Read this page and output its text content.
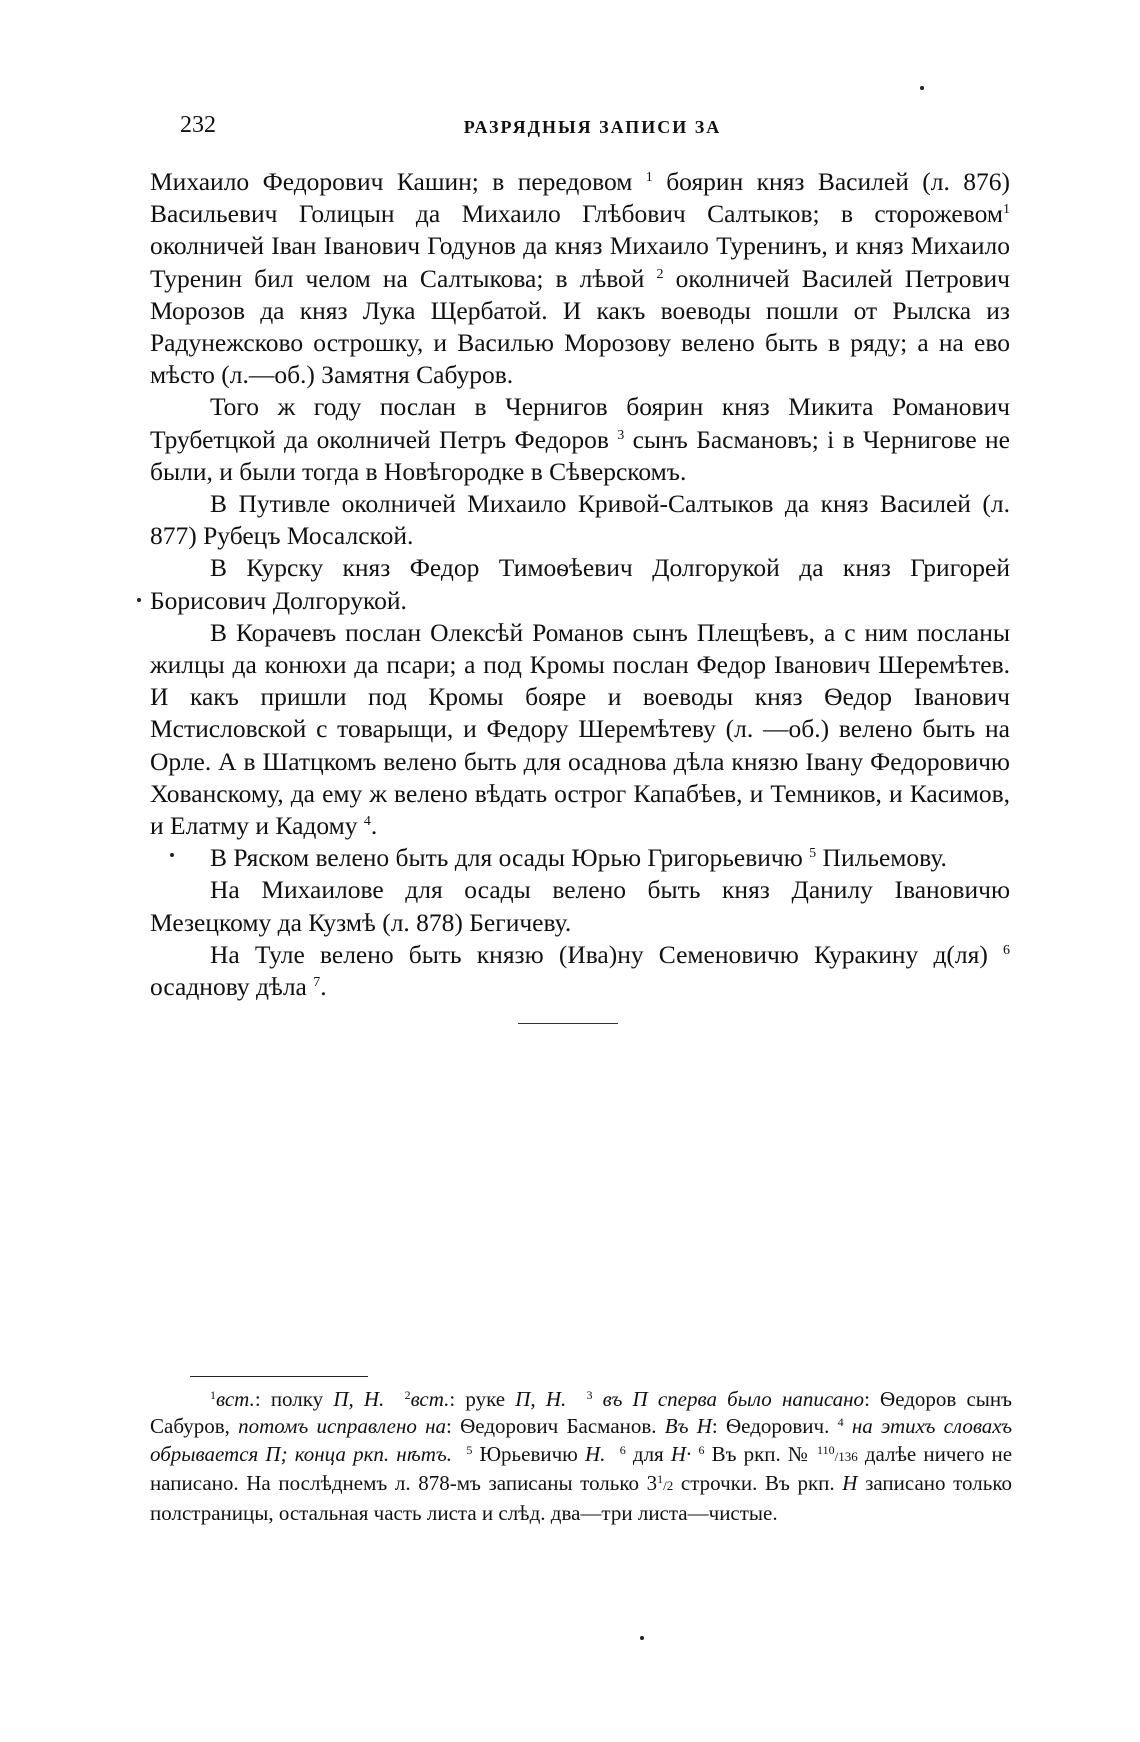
232	РАЗРЯДНЫЯ ЗАПИСИ ЗА

Михаило Федорович Кашин; в передовом $^1$ боярин княз Василей (л. 876) Васильевич Голицын да Михаило Глѣбович Салтыков; в сторожевом$^1$ околничей Іван Іванович Годунов да княз Михаило Туренинъ, и княз Михаило Туренин бил челом на Салтыкова; в лѣвой $^2$ околничей Василей Петрович Морозов да княз Лука Щербатой. И какъ воеводы пошли от Рылска из Радунежсково острошку, и Василью Морозову велено быть в ряду; а на ево мѣсто (л.—об.) Замятня Сабуров.

Того ж году послан в Чернигов боярин княз Микита Романович Трубетцкой да околничей Петръ Федоров $^3$ сынъ Басмановъ; і в Чернигове не были, и были тогда в Новѣгородке в Сѣверскомъ.

В Путивле околничей Михаило Кривой-Салтыков да княз Василей (л. 877) Рубецъ Мосалской.

В Курску княз Федор Тимоѳѣевич Долгорукой да княз Григорей Борисович Долгорукой.

В Корачевъ послан Олексѣй Романов сынъ Плещѣевъ, а с ним посланы жилцы да конюхи да псари; а под Кромы послан Федор Іванович Шеремѣтев. И какъ пришли под Кромы бояре и воеводы княз Ѳедор Іванович Мстисловской с товарыщи, и Федору Шеремѣтеву (л. —об.) велено быть на Орле. А в Шатцкомъ велено быть для осаднова дѣла князю Івану Федоровичю Хованскому, да ему ж велено вѣдать острог Капабѣев, и Темников, и Касимов, и Елатму и Кадому $^4$.

В Ряском велено быть для осады Юрью Григорьевичю $^5$ Пильемову.

На Михаилове для осады велено быть княз Данилу Івановичю Мезецкому да Кузмѣ (л. 878) Бегичеву.

На Туле велено быть князю (Ива)ну Семеновичю Куракину д(ля) $^6$ осаднову дѣла $^7$.

$^1$вст.: полку П, Н. $^2$вст.: руке П, Н. $^3$ въ П сперва было написано: Ѳедоров сынъ Сабуров, потомъ исправлено на: Ѳедорович Басманов. Въ Н: Ѳедорович. $^4$ на этихъ словахъ обрывается П; конца ркп. нѣтъ. $^5$ Юрьевичю Н. $^6$ для Н· $^6$ Въ ркп. № $^{110}$/136 далѣе ничего не написано. На послѣднемъ л. 878-мъ записаны только $3^1/2$ строчки. Въ ркп. Н записано только полстраницы, остальная часть листа и слѣд. два—три листа—чистые.
